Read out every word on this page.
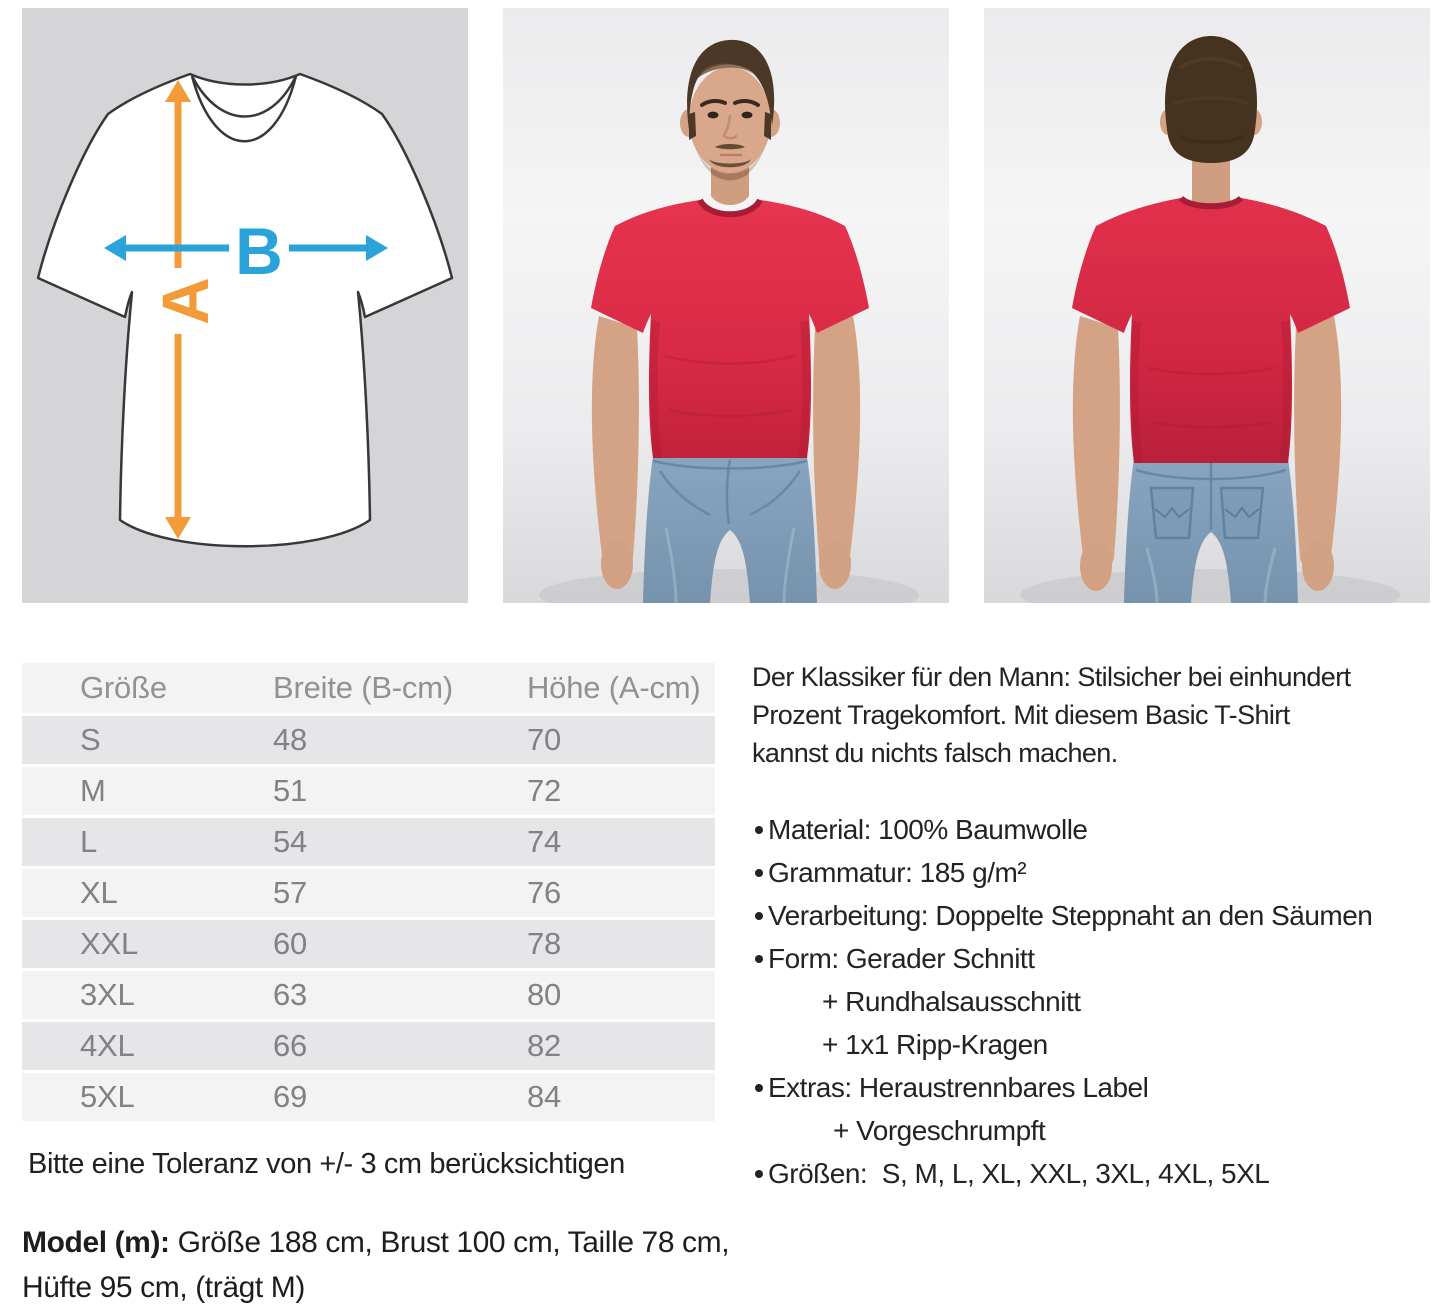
A
B
Größe	Breite (B-cm)	Höhe (A-cm)
S	48	70
M	51	72
L	54	74
XL	57	76
XXL	60	78
3XL	63	80
4XL	66	82
5XL	69	84
Bitte eine Toleranz von +/- 3 cm berücksichtigen
Model (m): Größe 188 cm, Brust 100 cm, Taille 78 cm,
Hüfte 95 cm, (trägt M)
Der Klassiker für den Mann: Stilsicher bei einhundert
Prozent Tragekomfort. Mit diesem Basic T-Shirt
kannst du nichts falsch machen.
Material: 100% Baumwolle
Grammatur: 185 g/m²
Verarbeitung: Doppelte Steppnaht an den Säumen
Form: Gerader Schnitt
+ Rundhalsausschnitt
+ 1x1 Ripp-Kragen
Extras: Heraustrennbares Label
+ Vorgeschrumpft
Größen:  S, M, L, XL, XXL, 3XL, 4XL, 5XL
